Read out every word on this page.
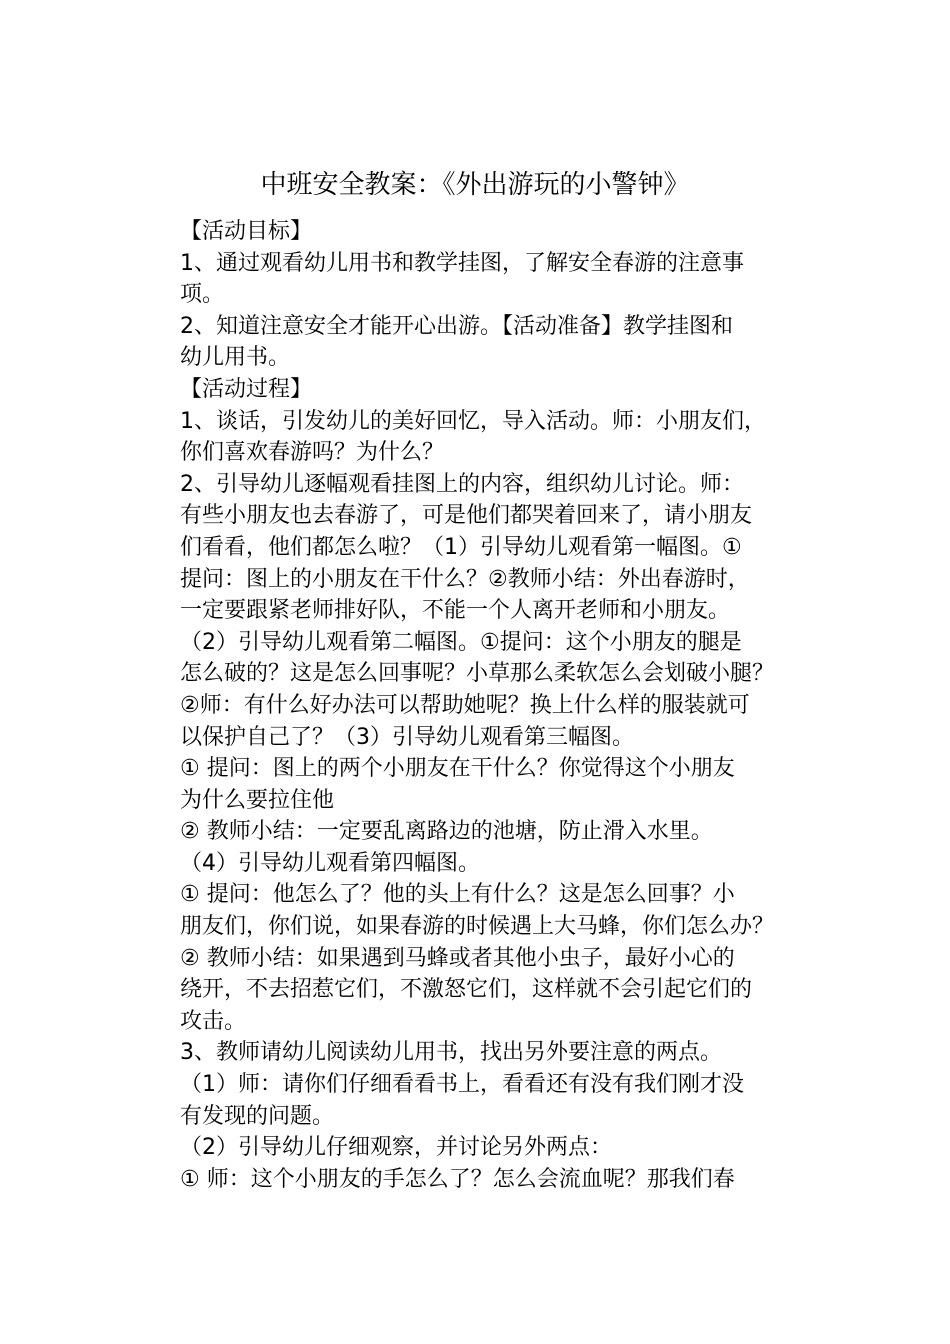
中班安全教案：《外出游玩的小警钟》
【活动目标】
1、通过观看幼儿用书和教学挂图，了解安全春游的注意事
项。
2、知道注意安全才能开心出游。【活动准备】教学挂图和
幼儿用书。
【活动过程】
1、谈话，引发幼儿的美好回忆，导入活动。师：小朋友们，
你们喜欢春游吗？为什么？
2、引导幼儿逐幅观看挂图上的内容，组织幼儿讨论。师：
有些小朋友也去春游了，可是他们都哭着回来了，请小朋友
们看看，他们都怎么啦？（1）引导幼儿观看第一幅图。①
提问：图上的小朋友在干什么？②教师小结：外出春游时，
一定要跟紧老师排好队，不能一个人离开老师和小朋友。
（2）引导幼儿观看第二幅图。①提问：这个小朋友的腿是
怎么破的？这是怎么回事呢？小草那么柔软怎么会划破小腿？
②师：有什么好办法可以帮助她呢？换上什么样的服装就可
以保护自己了？（3）引导幼儿观看第三幅图。
① 提问：图上的两个小朋友在干什么？你觉得这个小朋友
为什么要拉住他
② 教师小结：一定要乱离路边的池塘，防止滑入水里。
（4）引导幼儿观看第四幅图。
① 提问：他怎么了？他的头上有什么？这是怎么回事？小
朋友们，你们说，如果春游的时候遇上大马蜂，你们怎么办？
② 教师小结：如果遇到马蜂或者其他小虫子，最好小心的
绕开，不去招惹它们，不激怒它们，这样就不会引起它们的
攻击。
3、教师请幼儿阅读幼儿用书，找出另外要注意的两点。
（1）师：请你们仔细看看书上，看看还有没有我们刚才没
有发现的问题。
（2）引导幼儿仔细观察，并讨论另外两点：
① 师：这个小朋友的手怎么了？怎么会流血呢？那我们春
